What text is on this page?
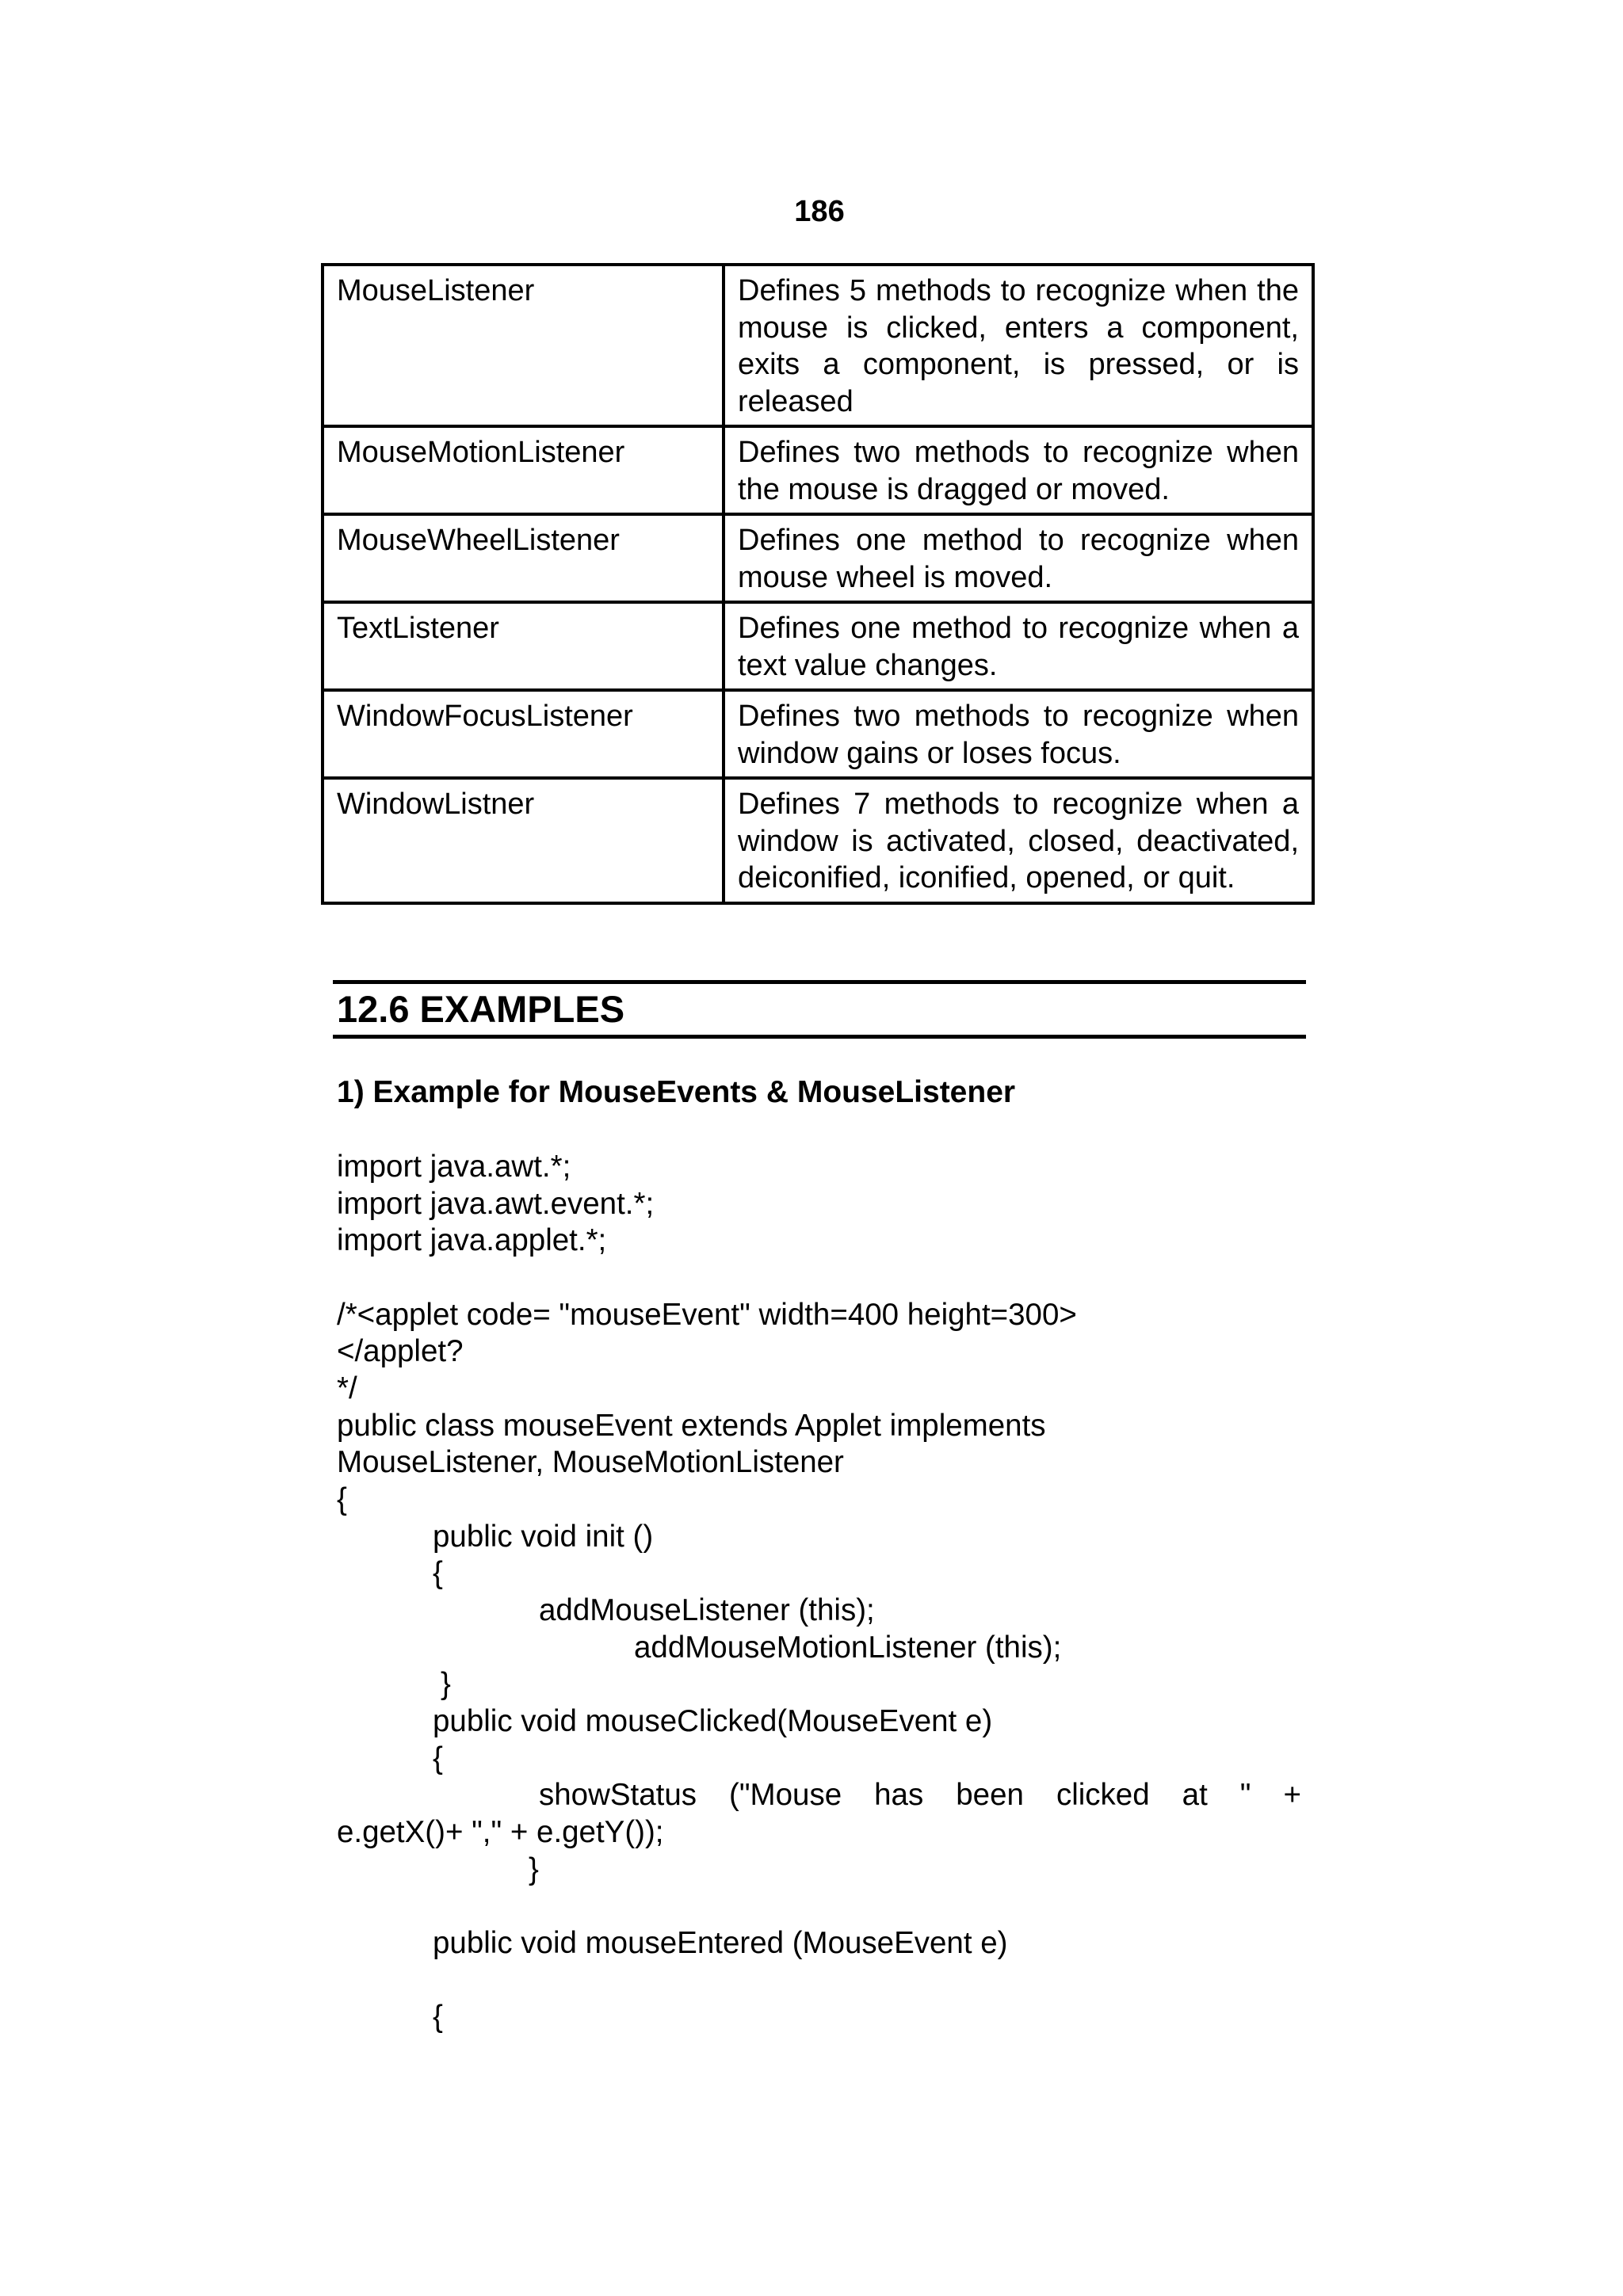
186
MouseListener	Defines 5 methods to recognize when the mouse is clicked, enters a component, exits a component, is pressed, or is released
MouseMotionListener	Defines two methods to recognize when the mouse is dragged or moved.
MouseWheelListener	Defines one method to recognize when mouse wheel is moved.
TextListener	Defines one method to recognize when a text value changes.
WindowFocusListener	Defines two methods to recognize when window gains or loses focus.
WindowListner	Defines 7 methods to recognize when a window is activated, closed, deactivated, deiconified, iconified, opened, or quit.
12.6 EXAMPLES
1) Example for MouseEvents & MouseListener
import java.awt.*;
import java.awt.event.*;
import java.applet.*;
/*<applet code= "mouseEvent" width=400 height=300>
</applet?
*/
public class mouseEvent extends Applet implements
MouseListener, MouseMotionListener
{
public void init ()
{
addMouseListener (this);
addMouseMotionListener (this);
}
public void mouseClicked(MouseEvent e)
{
showStatus ("Mouse has been clicked at " +
e.getX()+ "," + e.getY());
}
public void mouseEntered (MouseEvent e)
{
